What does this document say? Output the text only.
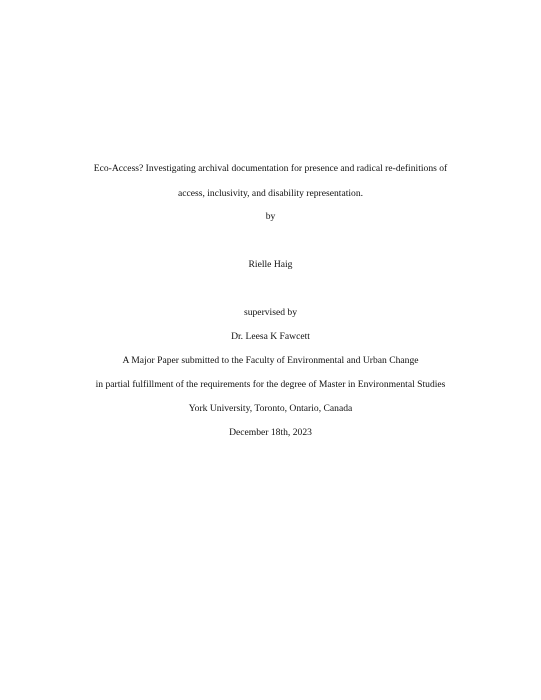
Eco-Access? Investigating archival documentation for presence and radical re-definitions of
access, inclusivity, and disability representation.
by
Rielle Haig
supervised by
Dr. Leesa K Fawcett
A Major Paper submitted to the Faculty of Environmental and Urban Change
in partial fulfillment of the requirements for the degree of Master in Environmental Studies
York University, Toronto, Ontario, Canada
December 18th, 2023
